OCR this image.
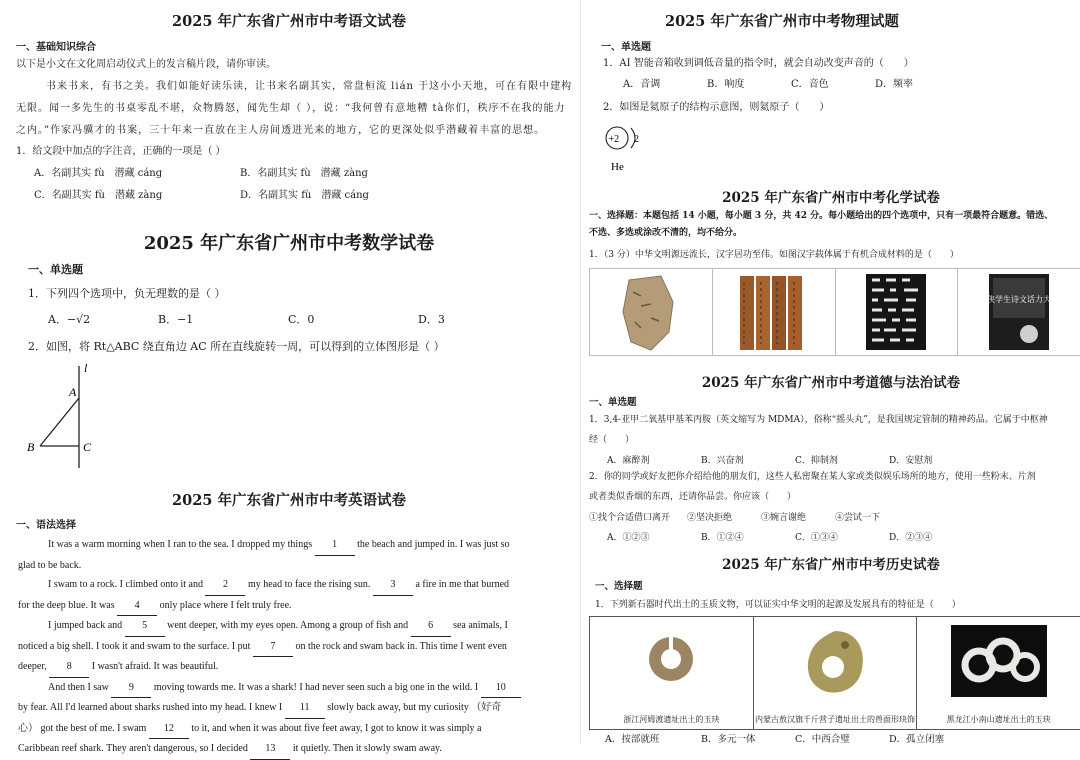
2025 年广东省广州市中考语文试卷

一、基础知识综合

以下是小文在文化周启动仪式上的发言稿片段，请你审读。

书来书来，有书之美。我们如能好读乐读，让书来名副其实，常盘桓流 lián 于这小小天地，可在有限中建构
无限。闻一多先生的书桌零乱不堪，众物腾怒，闻先生却（ ），说：“我何曾有意地糟 tà你们，秩序不在我的能力
之内。”作家冯骥才的书案，三十年来一直放在主人房间透进光来的地方，它的更深处似乎潜藏着丰富的思想。

1．给文段中加点的字注音，正确的一项是（ ）

A．名副其实 fù　潜藏 cáng	B．名副其实 fù　潜藏 zàng
C．名副其实 fù　潜藏 zàng	D．名副其实 fù　潜藏 cáng
2025 年广东省广州市中考数学试卷

一、单选题

1．下列四个选项中，负无理数的是（ ）

A．−√2	B．−1	C．0	D．3

2．如图，将 Rt△ABC 绕直角边 AC 所在直线旋转一周，可以得到的立体图形是（ ）

l
A
B	C
2025 年广东省广州市中考英语试卷

一、语法选择

It was a warm morning when I ran to the sea. I dropped my things 1 the beach and jumped in. I was just so
glad to be back.
I swam to a rock. I climbed onto it and 2 my head to face the rising sun. 3 a fire in me that burned
for the deep blue. It was 4 only place where I felt truly free.
I jumped back and 5 went deeper, with my eyes open. Among a group of fish and 6 sea animals, I
noticed a big shell. I took it and swam to the surface. I put 7 on the rock and swam back in. This time I went even
deeper, 8 I wasn't afraid. It was beautiful.
And then I saw 9 moving towards me. It was a shark! I had never seen such a big one in the wild. I 10
by fear. All I'd learned about sharks rushed into my head. I knew I 11 slowly back away, but my curiosity （好奇
心） got the best of me. I swam 12 to it, and when it was about five feet away, I got to know it was simply a
Caribbean reef shark. They aren't dangerous, so I decided 13 it quietly. Then it slowly swam away.
2025 年广东省广州市中考物理试题

一、单选题

1．AI 智能音箱收到调低音量的指令时，就会自动改变声音的（　　）

A．音调	B．响度	C．音色	D．频率

2．如图是氦原子的结构示意图，则氦原子（　　）

+2 2
He
2025 年广东省广州市中考化学试卷
一、选择题：本题包括 14 小题，每小题 3 分，共 42 分。每小题给出的四个选项中，只有一项最符合题意。错选、
不选、多选或涂改不清的，均不给分。

1．（3 分）中华文明源远流长，汉字居功至伟。如图汉字载体属于有机合成材料的是（　　）

游侠学生诗文话力大赛
2025 年广东省广州市中考道德与法治试卷

一、单选题

1．3,4-亚甲二氧基甲基苯丙胺（英文缩写为 MDMA），俗称“摇头丸”，是我国规定管制的精神药品。它属于中枢神
经（　　）
A．麻醉剂	B．兴奋剂	C．抑制剂	D．安慰剂
2．你的同学或好友把你介绍给他的朋友们，这些人私密聚在某人家或类似娱乐场所的地方，使用一些粉末、片剂
或者类似香烟的东西，还请你品尝。你应该（　　）
①找个合适借口离开	②坚决拒绝	③婉言谢绝	④尝试一下
A．①②③	B．①②④	C．①③④	D．②③④
2025 年广东省广州市中考历史试卷

一、选择题

1．下列新石器时代出土的玉质文物，可以证实中华文明的起源及发展具有的特征是（　　）

浙江河姆渡遗址出土的玉玦	内蒙古敖汉旗千斤营子遗址出土的兽面形玦饰	黑龙江小南山遗址出土的玉玦
A．按部就班	B．多元一体	C．中西合璧	D．孤立闭塞
